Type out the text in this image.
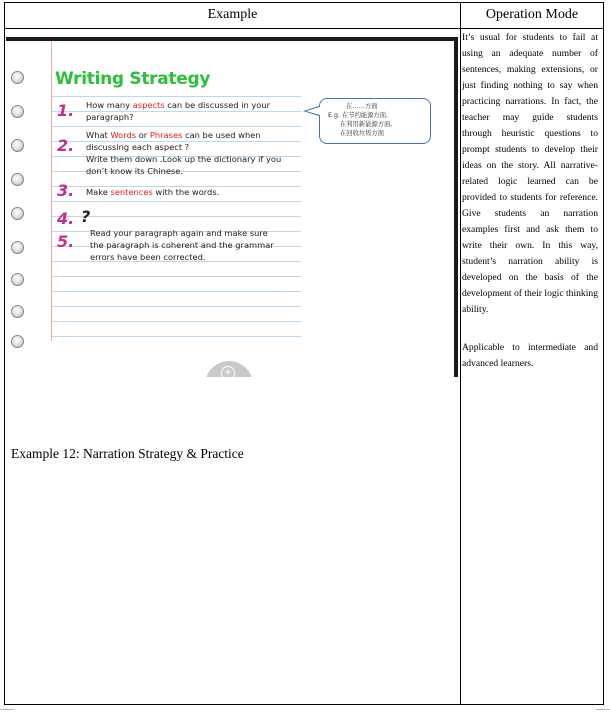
Example	Operation Mode
Writing Strategy
1. How many aspects can be discussed in your paragraph?
2.
What Words or Phrases can be used when discussing each aspect ?
Write them down .Look up the dictionary if you don’t know its Chinese.
3. Make sentences with the words.
4. ?
5. Read your paragraph again and make sure the paragraph is coherent and the grammar errors have been corrected.
在……方面
E.g. 在节约能源方面,
在利用新能源方面,
在回收垃圾方面
+
Example 12: Narration Strategy & Practice

It’s usual for students to fail at using an adequate number of sentences, making extensions, or just finding nothing to say when practicing narrations. In fact, the teacher may guide students through heuristic questions to prompt students to develop their ideas on the story. All narrative-related logic learned can be provided to students for reference. Give students an narration examples first and ask them to write their own. In this way, student’s narration ability is developed on the basis of the development of their logic thinking ability.

Applicable to intermediate and advanced learners.
